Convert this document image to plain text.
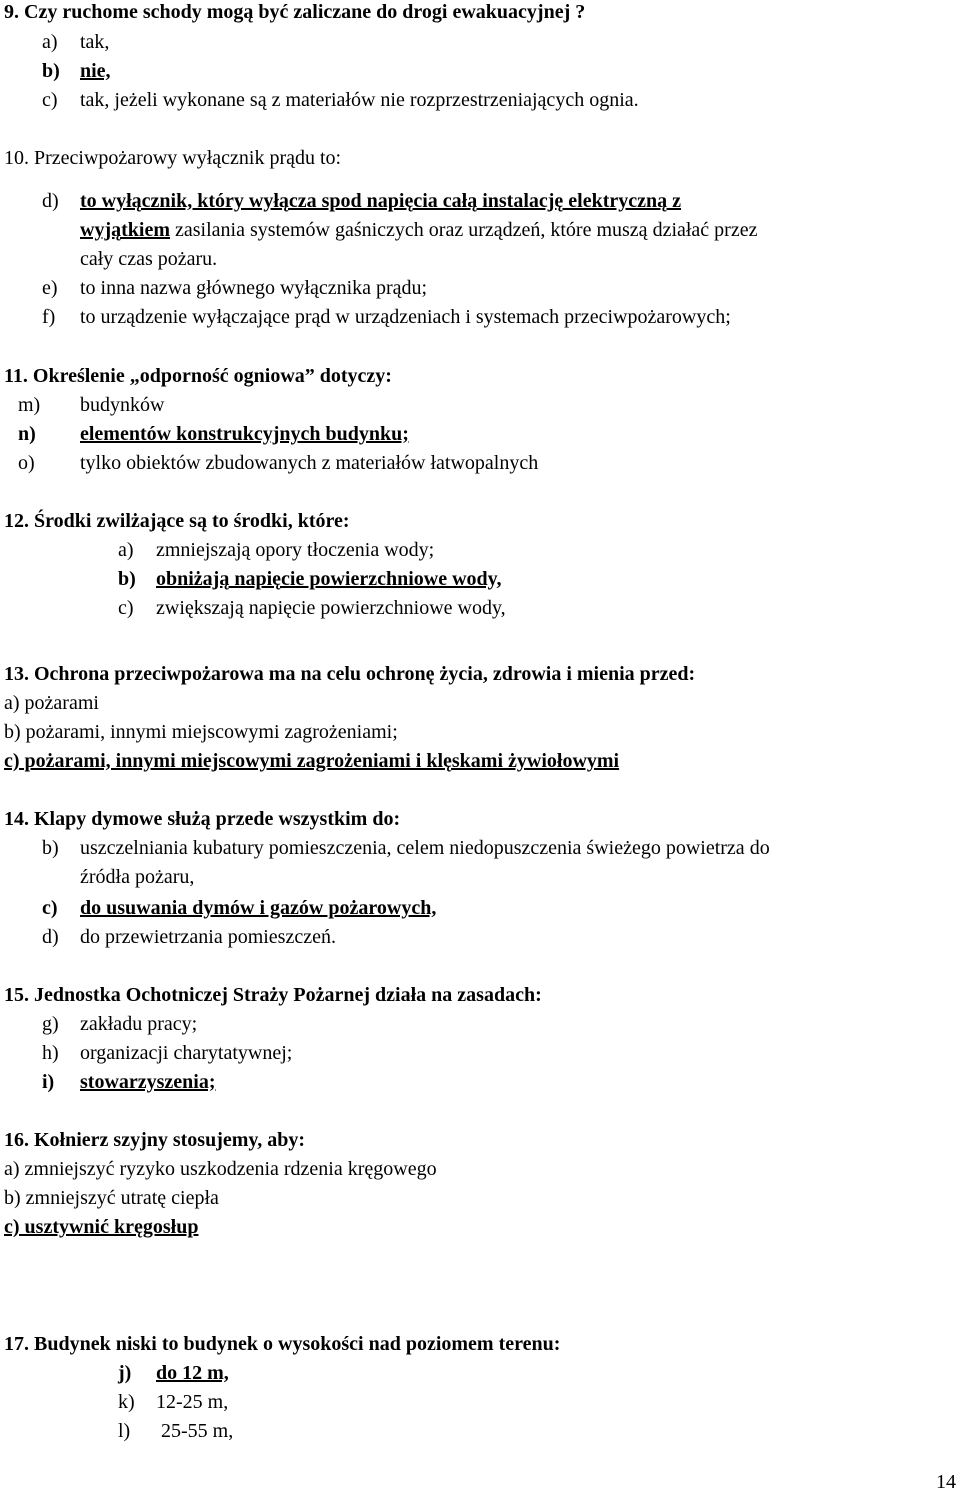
9. Czy ruchome schody mogą być zaliczane do drogi ewakuacyjnej ?
a) tak,
b) nie,
c) tak, jeżeli wykonane są z materiałów nie rozprzestrzeniających ognia.
10. Przeciwpożarowy wyłącznik prądu to:
d) to wyłącznik, który wyłącza spod napięcia całą instalację elektryczną z
wyjątkiem zasilania systemów gaśniczych oraz urządzeń, które muszą działać przez
cały czas pożaru.
e) to inna nazwa głównego wyłącznika prądu;
f) to urządzenie wyłączające prąd w urządzeniach i systemach przeciwpożarowych;
11. Określenie „odporność ogniowa” dotyczy:
m) budynków
n) elementów konstrukcyjnych budynku;
o) tylko obiektów zbudowanych z materiałów łatwopalnych
12. Środki zwilżające są to środki, które:
a) zmniejszają opory tłoczenia wody;
b) obniżają napięcie powierzchniowe wody,
c) zwiększają napięcie powierzchniowe wody,
13. Ochrona przeciwpożarowa ma na celu ochronę życia, zdrowia i mienia przed:
a) pożarami
b) pożarami, innymi miejscowymi zagrożeniami;
c) pożarami, innymi miejscowymi zagrożeniami i klęskami żywiołowymi
14. Klapy dymowe służą przede wszystkim do:
b) uszczelniania kubatury pomieszczenia, celem niedopuszczenia świeżego powietrza do
źródła pożaru,
c) do usuwania dymów i gazów pożarowych,
d) do przewietrzania pomieszczeń.
15. Jednostka Ochotniczej Straży Pożarnej działa na zasadach:
g) zakładu pracy;
h) organizacji charytatywnej;
i) stowarzyszenia;
16. Kołnierz szyjny stosujemy, aby:
a) zmniejszyć ryzyko uszkodzenia rdzenia kręgowego
b) zmniejszyć utratę ciepła
c) usztywnić kręgosłup
17. Budynek niski to budynek o wysokości nad poziomem terenu:
j) do 12 m,
k) 12-25 m,
l) 25-55 m,
14
